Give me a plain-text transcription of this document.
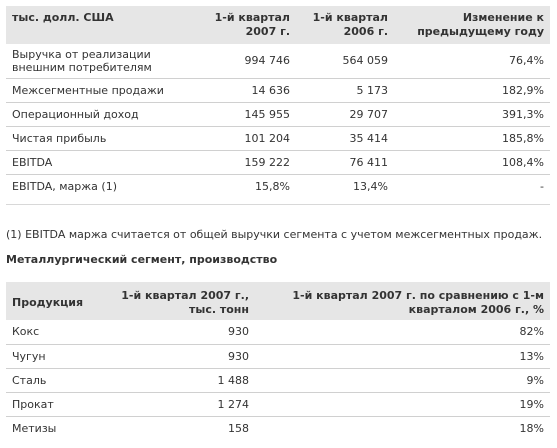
тыс. долл. США	1-й квартал 2007 г.	1-й квартал 2006 г.	Изменение к предыдущему году
Выручка от реализации внешним потребителям	994 746	564 059	76,4%
Межсегментные продажи	14 636	5 173	182,9%
Операционный доход	145 955	29 707	391,3%
Чистая прибыль	101 204	35 414	185,8%
EBITDA	159 222	76 411	108,4%
EBITDA, маржа (1)	15,8%	13,4%	-
(1) EBITDA маржа считается от общей выручки сегмента с учетом межсегментных продаж.
Металлургический сегмент, производство
Продукция	1-й квартал 2007 г., тыс. тонн	1-й квартал 2007 г. по сравнению с 1-м кварталом 2006 г., %
Кокс	930	82%
Чугун	930	13%
Сталь	1 488	9%
Прокат	1 274	19%
Метизы	158	18%
